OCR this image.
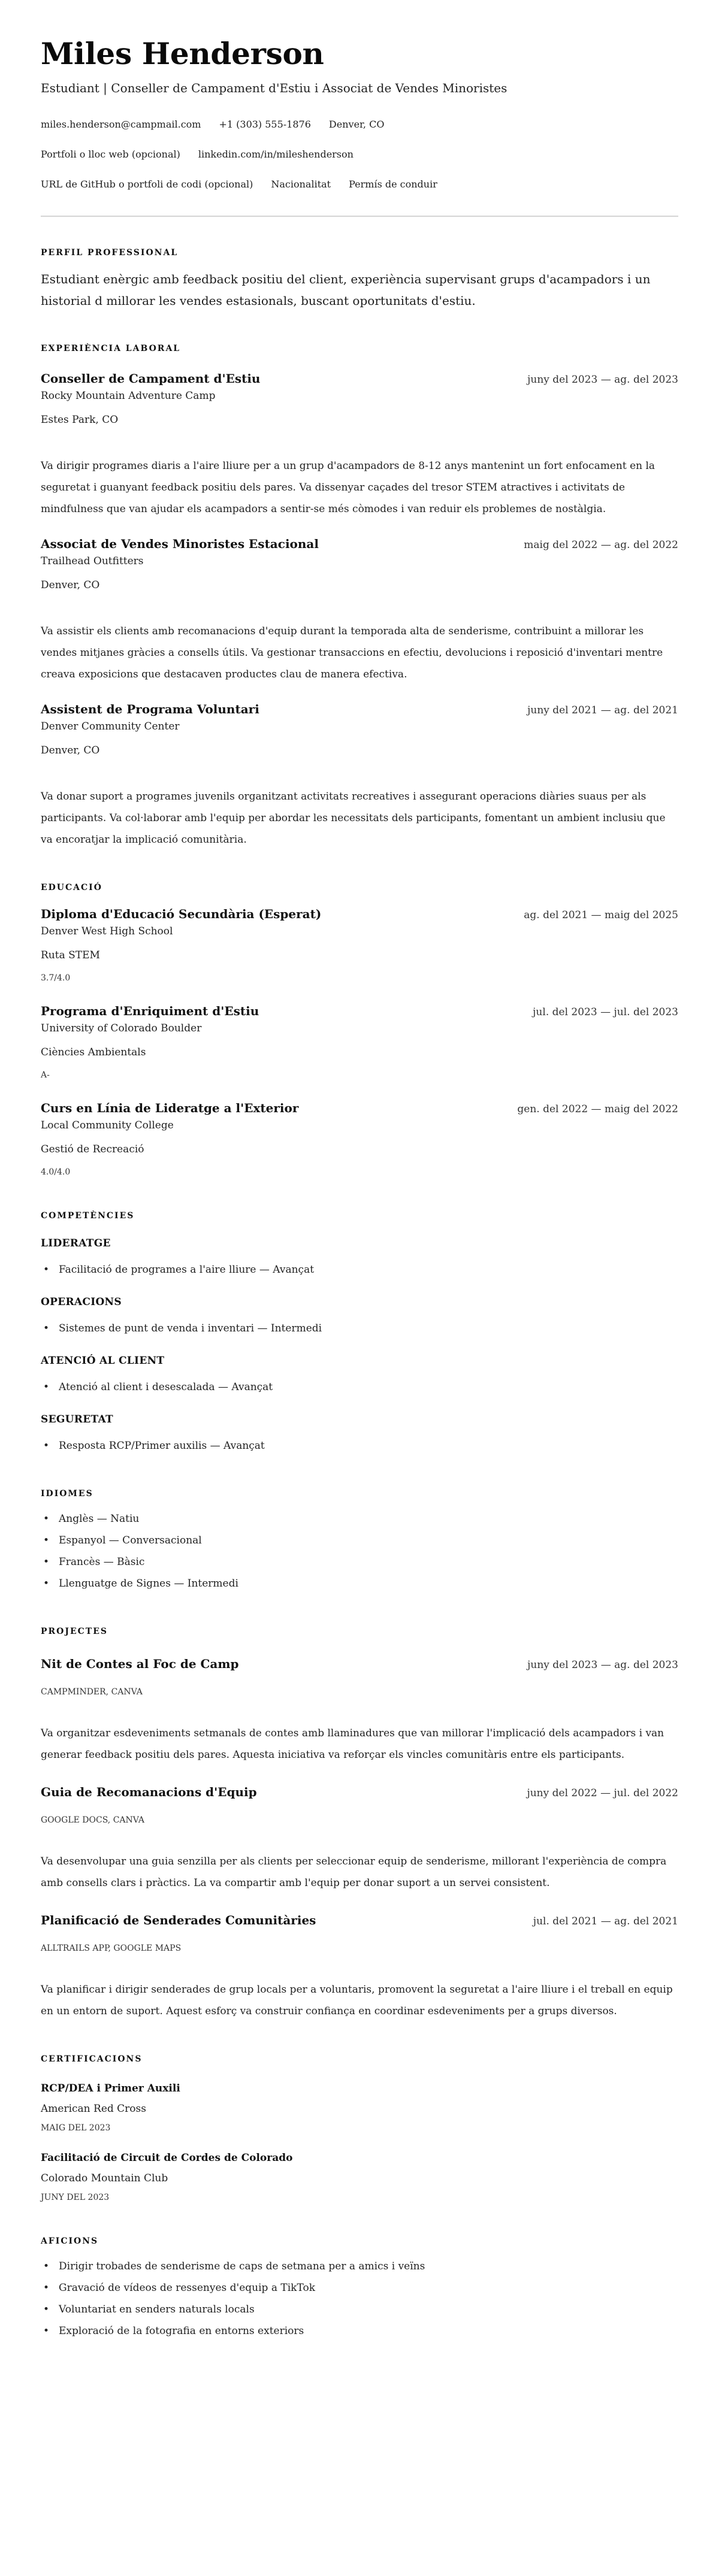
Miles Henderson
Estudiant | Conseller de Campament d'Estiu i Associat de Vendes Minoristes
miles.henderson@campmail.com +1 (303) 555-1876 Denver, CO
Portfoli o lloc web (opcional) linkedin.com/in/mileshenderson
URL de GitHub o portfoli de codi (opcional) Nacionalitat Permís de conduir
PERFIL PROFESSIONAL

Estudiant enèrgic amb feedback positiu del client, experiència supervisant grups d'acampadors i un historial d millorar les vendes estasionals, buscant oportunitats d'estiu.

EXPERIÈNCIA LABORAL
Conseller de Campament d'Estiu	juny del 2023 — ag. del 2023
Rocky Mountain Adventure Camp
Estes Park, CO

Va dirigir programes diaris a l'aire lliure per a un grup d'acampadors de 8-12 anys mantenint un fort enfocament en la seguretat i guanyant feedback positiu dels pares. Va dissenyar caçades del tresor STEM atractives i activitats de mindfulness que van ajudar els acampadors a sentir-se més còmodes i van reduir els problemes de nostàlgia.

Associat de Vendes Minoristes Estacional	maig del 2022 — ag. del 2022
Trailhead Outfitters
Denver, CO

Va assistir els clients amb recomanacions d'equip durant la temporada alta de senderisme, contribuint a millorar les vendes mitjanes gràcies a consells útils. Va gestionar transaccions en efectiu, devolucions i reposició d'inventari mentre creava exposicions que destacaven productes clau de manera efectiva.

Assistent de Programa Voluntari	juny del 2021 — ag. del 2021
Denver Community Center
Denver, CO

Va donar suport a programes juvenils organitzant activitats recreatives i assegurant operacions diàries suaus per als participants. Va col·laborar amb l'equip per abordar les necessitats dels participants, fomentant un ambient inclusiu que va encoratjar la implicació comunitària.

EDUCACIÓ
Diploma d'Educació Secundària (Esperat)	ag. del 2021 — maig del 2025
Denver West High School
Ruta STEM
3.7/4.0
Programa d'Enriquiment d'Estiu	jul. del 2023 — jul. del 2023
University of Colorado Boulder
Ciències Ambientals
A-
Curs en Línia de Lideratge a l'Exterior	gen. del 2022 — maig del 2022
Local Community College
Gestió de Recreació
4.0/4.0
COMPETÈNCIES
LIDERATGE
• Facilitació de programes a l'aire lliure — Avançat
OPERACIONS
• Sistemes de punt de venda i inventari — Intermedi
ATENCIÓ AL CLIENT
• Atenció al client i desescalada — Avançat
SEGURETAT
• Resposta RCP/Primer auxilis — Avançat
IDIOMES
• Anglès — Natiu
• Espanyol — Conversacional
• Francès — Bàsic
• Llenguatge de Signes — Intermedi
PROJECTES
Nit de Contes al Foc de Camp	juny del 2023 — ag. del 2023
CAMPMINDER, CANVA

Va organitzar esdeveniments setmanals de contes amb llaminadures que van millorar l'implicació dels acampadors i van generar feedback positiu dels pares. Aquesta iniciativa va reforçar els vincles comunitàris entre els participants.

Guia de Recomanacions d'Equip	juny del 2022 — jul. del 2022
GOOGLE DOCS, CANVA

Va desenvolupar una guia senzilla per als clients per seleccionar equip de senderisme, millorant l'experiència de compra amb consells clars i pràctics. La va compartir amb l'equip per donar suport a un servei consistent.

Planificació de Senderades Comunitàries	jul. del 2021 — ag. del 2021
ALLTRAILS APP, GOOGLE MAPS

Va planificar i dirigir senderades de grup locals per a voluntaris, promovent la seguretat a l'aire lliure i el treball en equip en un entorn de suport. Aquest esforç va construir confiança en coordinar esdeveniments per a grups diversos.

CERTIFICACIONS
RCP/DEA i Primer Auxili
American Red Cross
MAIG DEL 2023
Facilitació de Circuit de Cordes de Colorado
Colorado Mountain Club
JUNY DEL 2023
AFICIONS
• Dirigir trobades de senderisme de caps de setmana per a amics i veïns
• Gravació de vídeos de ressenyes d'equip a TikTok
• Voluntariat en senders naturals locals
• Exploració de la fotografia en entorns exteriors
